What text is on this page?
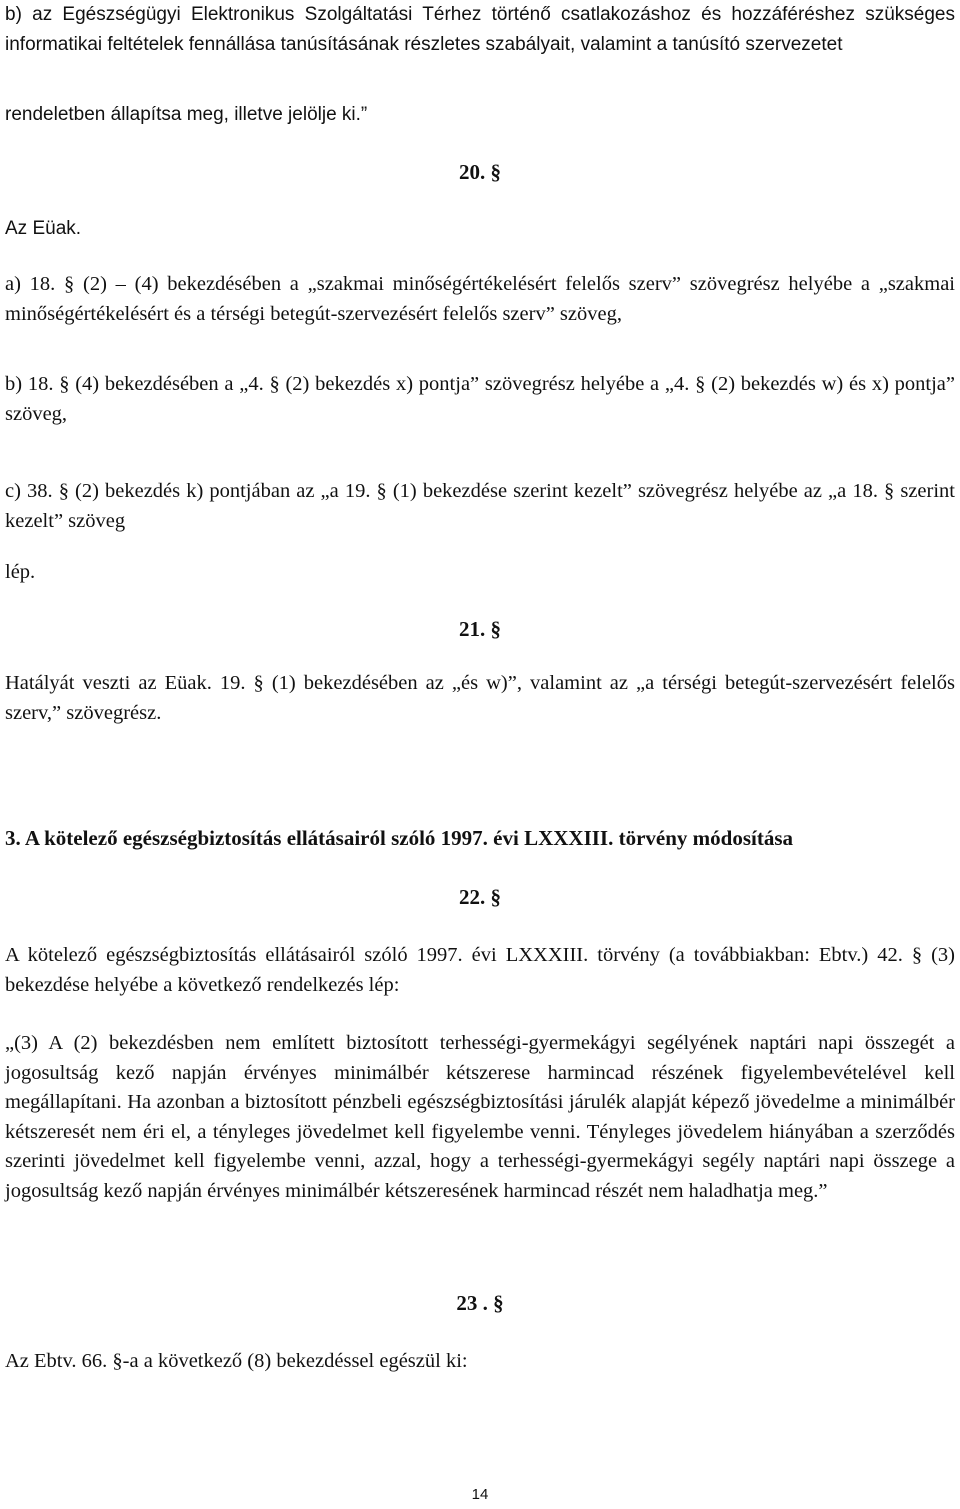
b) az Egészségügyi Elektronikus Szolgáltatási Térhez történő csatlakozáshoz és hozzáféréshez szükséges informatikai feltételek fennállása tanúsításának részletes szabályait, valamint a tanúsító szervezetet
rendeletben állapítsa meg, illetve jelölje ki.”
20. §
Az Eüak.
a) 18. § (2) – (4) bekezdésében a „szakmai minőségértékelésért felelős szerv” szövegrész helyébe a „szakmai minőségértékelésért és a térségi betegút-szervezésért felelős szerv” szöveg,
b) 18. § (4) bekezdésében a „4. § (2) bekezdés x) pontja” szövegrész helyébe a „4. § (2) bekezdés w) és x) pontja” szöveg,
c) 38. § (2) bekezdés k) pontjában az „a 19. § (1) bekezdése szerint kezelt” szövegrész helyébe az „a 18. § szerint kezelt” szöveg
lép.
21. §
Hatályát veszti az Eüak. 19. § (1) bekezdésében az „és w)”, valamint az „a térségi betegút-szervezésért felelős szerv,” szövegrész.
3. A kötelező egészségbiztosítás ellátásairól szóló 1997. évi LXXXIII. törvény módosítása
22. §
A kötelező egészségbiztosítás ellátásairól szóló 1997. évi LXXXIII. törvény (a továbbiakban: Ebtv.) 42. § (3) bekezdése helyébe a következő rendelkezés lép:
„(3) A (2) bekezdésben nem említett biztosított terhességi-gyermekágyi segélyének naptári napi összegét a jogosultság kező napján érvényes minimálbér kétszerese harmincad részének figyelembevételével kell megállapítani. Ha azonban a biztosított pénzbeli egészségbiztosítási járulék alapját képező jövedelme a minimálbér kétszeresét nem éri el, a tényleges jövedelmet kell figyelembe venni. Tényleges jövedelem hiányában a szerződés szerinti jövedelmet kell figyelembe venni, azzal, hogy a terhességi-gyermekágyi segély naptári napi összege a jogosultság kező napján érvényes minimálbér kétszeresének harmincad részét nem haladhatja meg.”
23 . §
Az Ebtv. 66. §-a a következő (8) bekezdéssel egészül ki:
14
